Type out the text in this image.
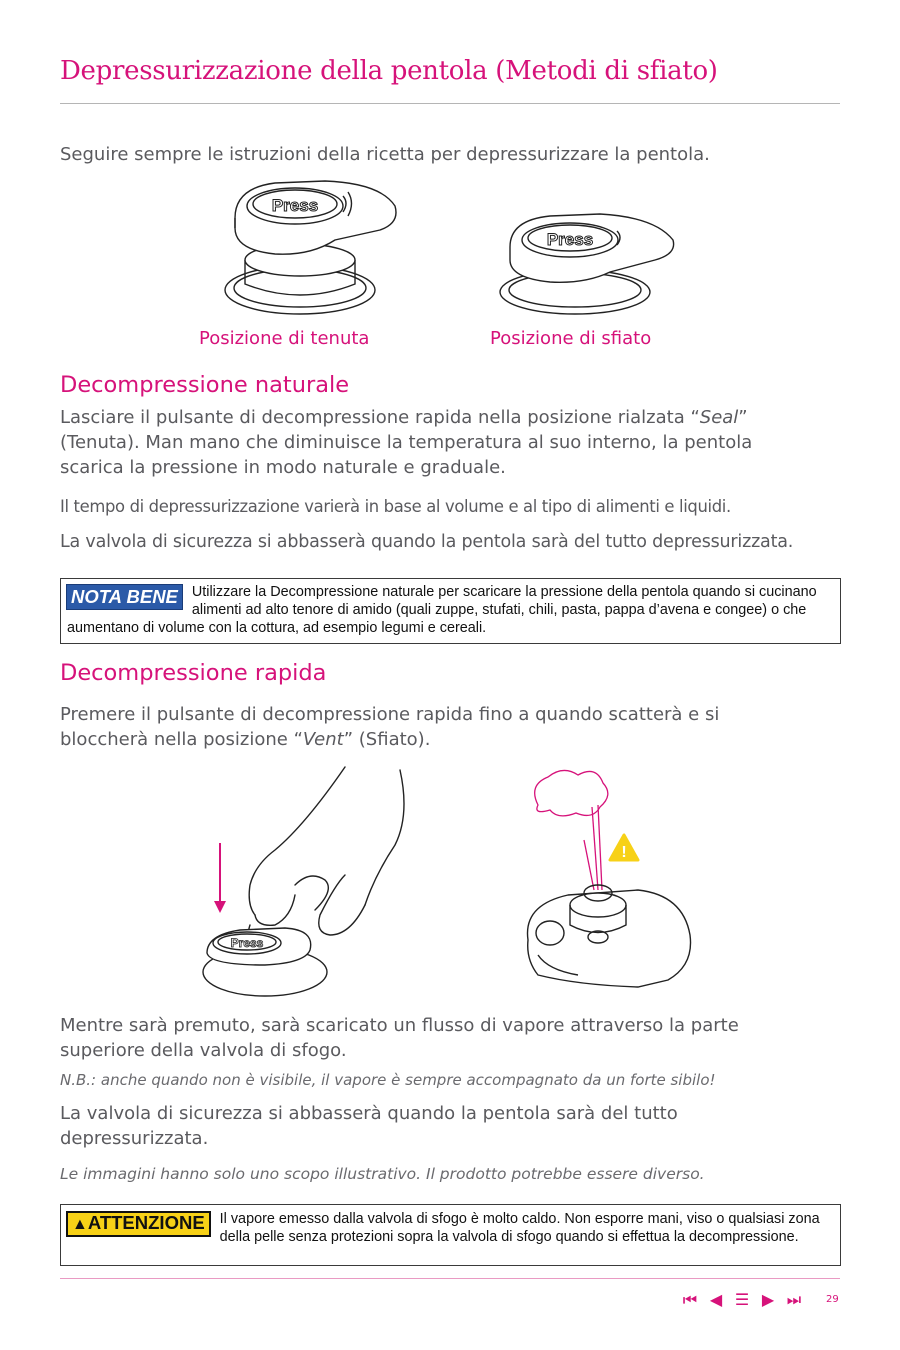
Depressurizzazione della pentola (Metodi di sfiato)
Seguire sempre le istruzioni della ricetta per depressurizzare la pentola.
Press
Press
Posizione di tenuta	Posizione di sfiato
Decompressione naturale
Lasciare il pulsante di decompressione rapida nella posizione rialzata “Seal” (Tenuta). Man mano che diminuisce la temperatura al suo interno, la pentola scarica la pressione in modo naturale e graduale.
Il tempo di depressurizzazione varierà in base al volume e al tipo di alimenti e liquidi.
La valvola di sicurezza si abbasserà quando la pentola sarà del tutto depressurizzata.
NOTA BENE Utilizzare la Decompressione naturale per scaricare la pressione della pentola quando si cucinano alimenti ad alto tenore di amido (quali zuppe, stufati, chili, pasta, pappa d’avena e congee) o che aumentano di volume con la cottura, ad esempio legumi e cereali.
Decompressione rapida
Premere il pulsante di decompressione rapida fino a quando scatterà e si bloccherà nella posizione “Vent” (Sfiato).
Press
!
Mentre sarà premuto, sarà scaricato un flusso di vapore attraverso la parte superiore della valvola di sfogo.
N.B.: anche quando non è visibile, il vapore è sempre accompagnato da un forte sibilo!
La valvola di sicurezza si abbasserà quando la pentola sarà del tutto depressurizzata.
Le immagini hanno solo uno scopo illustrativo. Il prodotto potrebbe essere diverso.
▲ATTENZIONE	Il vapore emesso dalla valvola di sfogo è molto caldo. Non esporre mani, viso o qualsiasi zona della pelle senza protezioni sopra la valvola di sfogo quando si effettua la decompressione.
⏮ ◀ ☰ ▶ ⏭ 29
